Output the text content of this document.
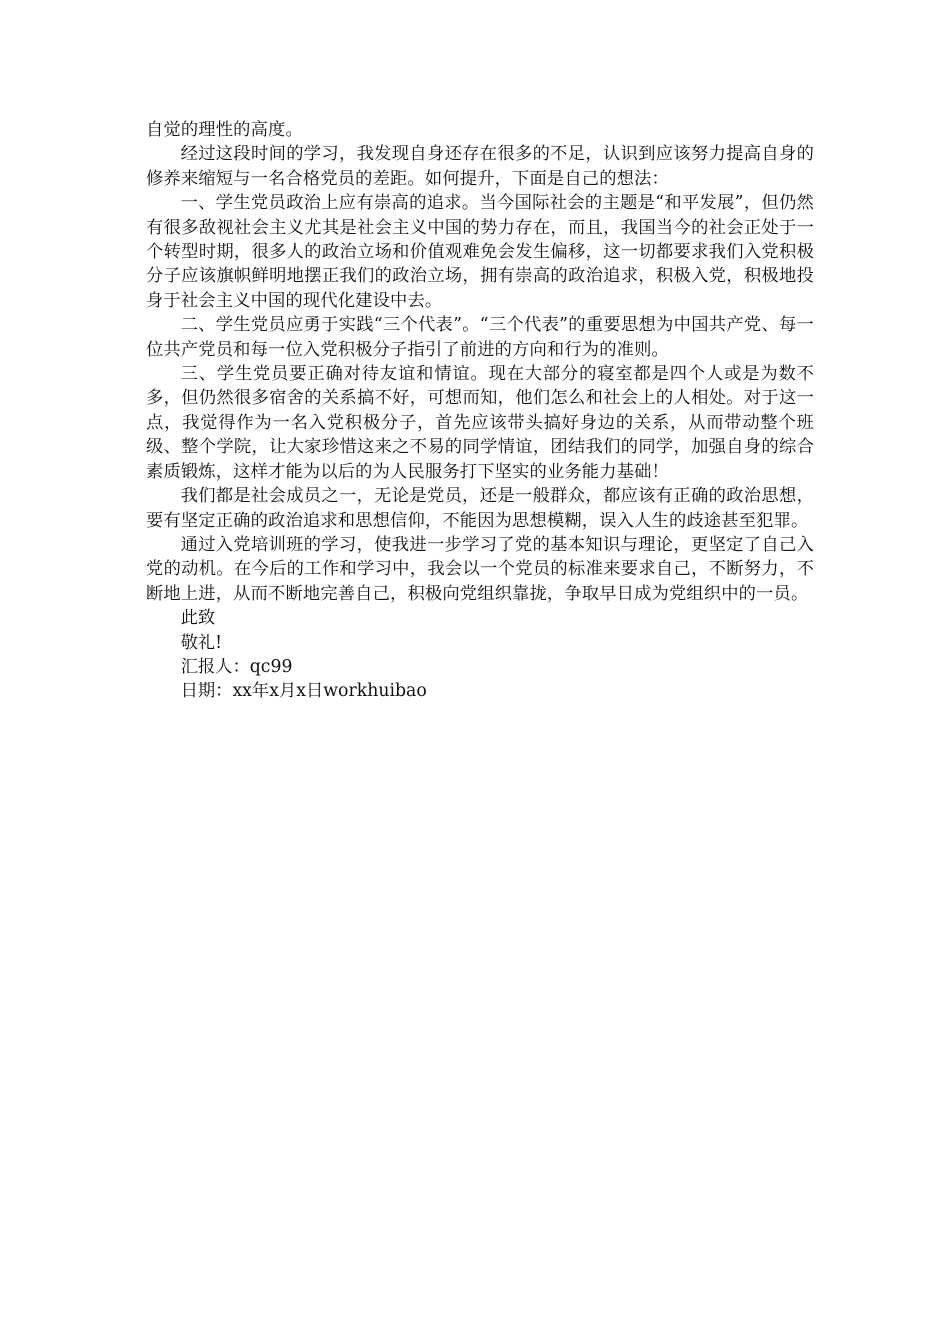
自觉的理性的高度。

经过这段时间的学习，我发现自身还存在很多的不足，认识到应该努力提高自身的修养来缩短与一名合格党员的差距。如何提升，下面是自己的想法：

一、学生党员政治上应有崇高的追求。当今国际社会的主题是“和平发展”，但仍然有很多敌视社会主义尤其是社会主义中国的势力存在，而且，我国当今的社会正处于一个转型时期，很多人的政治立场和价值观难免会发生偏移，这一切都要求我们入党积极分子应该旗帜鲜明地摆正我们的政治立场，拥有崇高的政治追求，积极入党，积极地投身于社会主义中国的现代化建设中去。

二、学生党员应勇于实践“三个代表”。“三个代表”的重要思想为中国共产党、每一位共产党员和每一位入党积极分子指引了前进的方向和行为的准则。

三、学生党员要正确对待友谊和情谊。现在大部分的寝室都是四个人或是为数不多，但仍然很多宿舍的关系搞不好，可想而知，他们怎么和社会上的人相处。对于这一点，我觉得作为一名入党积极分子，首先应该带头搞好身边的关系，从而带动整个班级、整个学院，让大家珍惜这来之不易的同学情谊，团结我们的同学，加强自身的综合素质锻炼，这样才能为以后的为人民服务打下坚实的业务能力基础！

我们都是社会成员之一，无论是党员，还是一般群众，都应该有正确的政治思想，要有坚定正确的政治追求和思想信仰，不能因为思想模糊，误入人生的歧途甚至犯罪。

通过入党培训班的学习，使我进一步学习了党的基本知识与理论，更坚定了自己入党的动机。在今后的工作和学习中，我会以一个党员的标准来要求自己，不断努力，不断地上进，从而不断地完善自己，积极向党组织靠拢，争取早日成为党组织中的一员。

此致

敬礼!

汇报人：qc99

日期：xx年x月x日workhuibao
